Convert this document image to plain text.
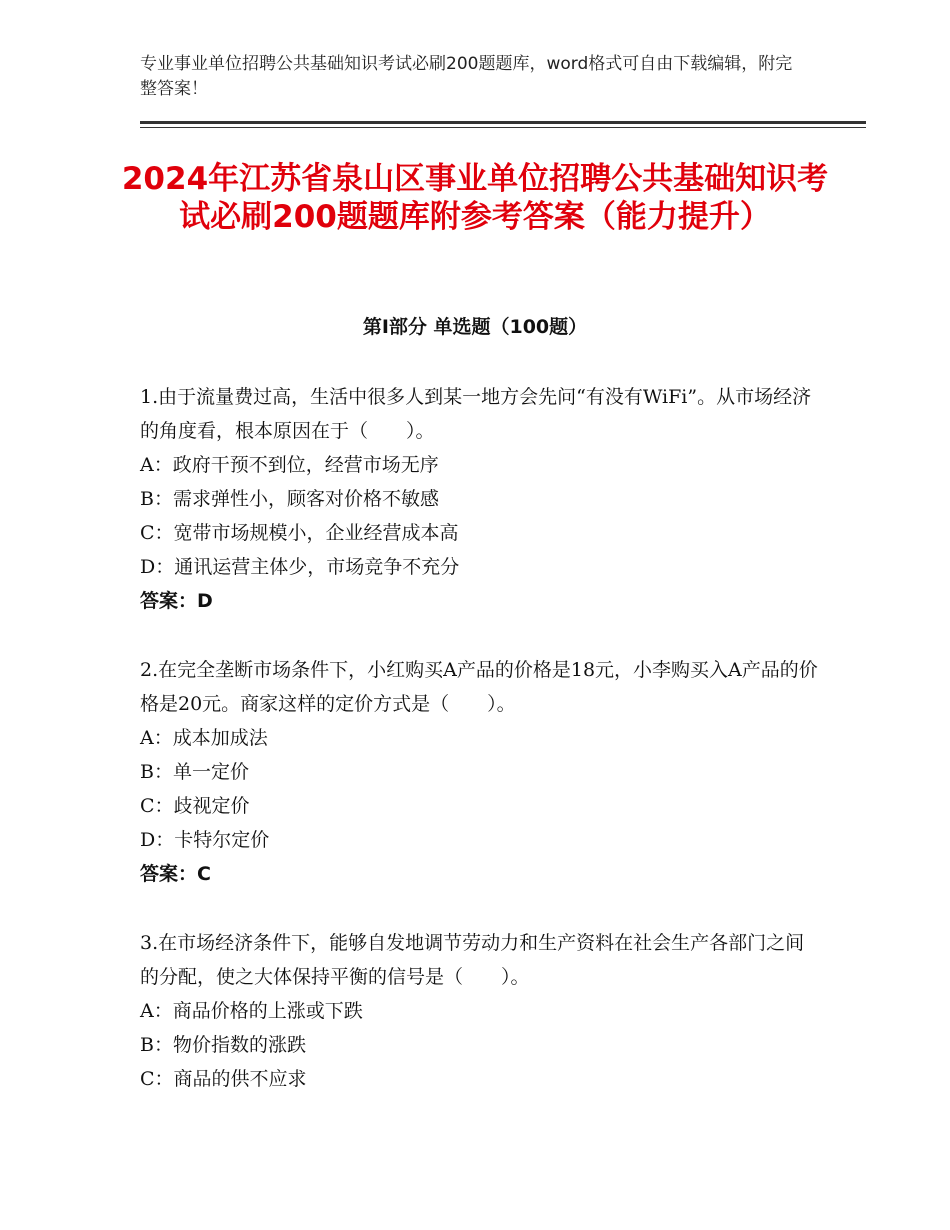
专业事业单位招聘公共基础知识考试必刷200题题库，word格式可自由下载编辑，附完整答案！
2024年江苏省泉山区事业单位招聘公共基础知识考试必刷200题题库附参考答案（能力提升）
第I部分 单选题（100题）

1.由于流量费过高，生活中很多人到某一地方会先问“有没有WiFi”。从市场经济的角度看，根本原因在于（　　）。

A：政府干预不到位，经营市场无序

B：需求弹性小，顾客对价格不敏感

C：宽带市场规模小，企业经营成本高

D：通讯运营主体少，市场竞争不充分

答案：D

2.在完全垄断市场条件下，小红购买A产品的价格是18元，小李购买入A产品的价格是20元。商家这样的定价方式是（　　）。

A：成本加成法

B：单一定价

C：歧视定价

D：卡特尔定价

答案：C

3.在市场经济条件下，能够自发地调节劳动力和生产资料在社会生产各部门之间的分配，使之大体保持平衡的信号是（　　）。

A：商品价格的上涨或下跌

B：物价指数的涨跌

C：商品的供不应求
